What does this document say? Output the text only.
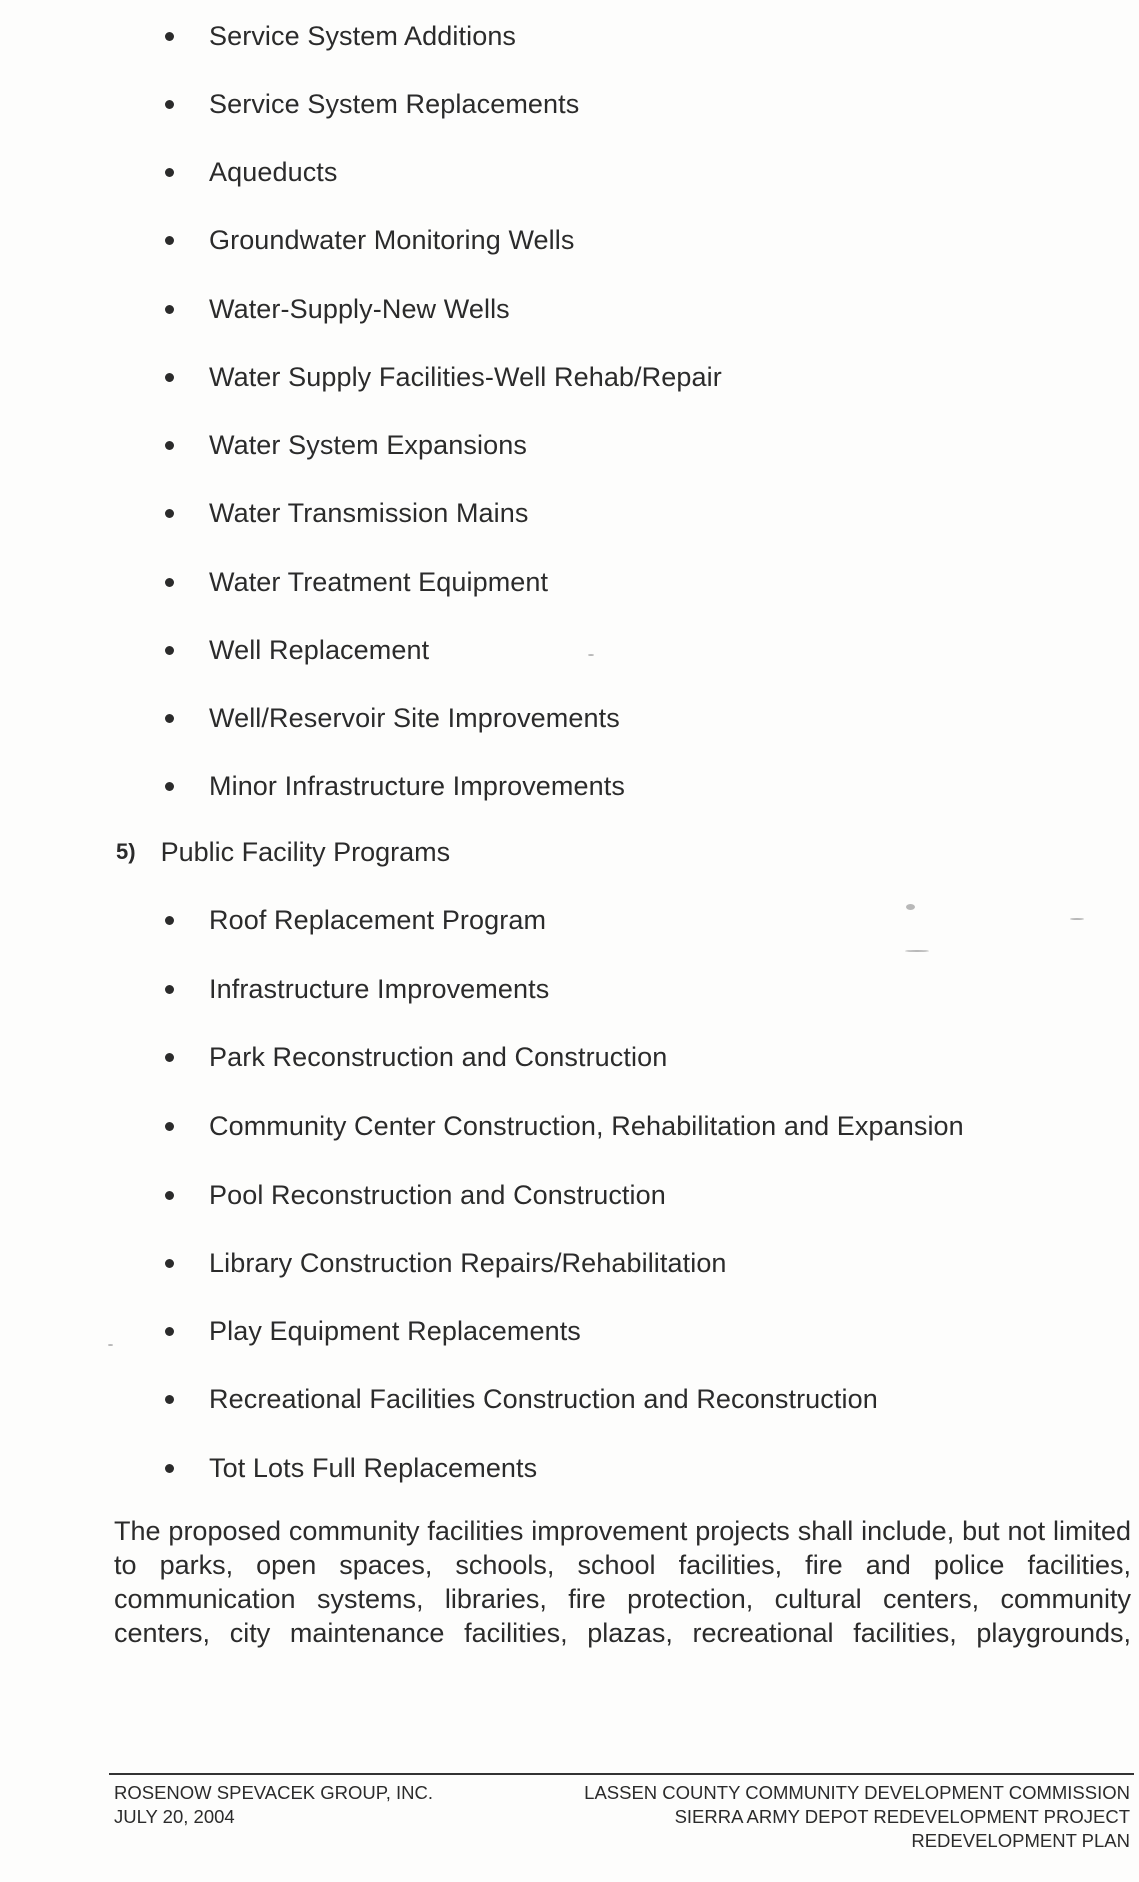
Service System Additions
Service System Replacements
Aqueducts
Groundwater Monitoring Wells
Water-Supply-New Wells
Water Supply Facilities-Well Rehab/Repair
Water System Expansions
Water Transmission Mains
Water Treatment Equipment
Well Replacement
Well/Reservoir Site Improvements
Minor Infrastructure Improvements
5) Public Facility Programs
Roof Replacement Program
Infrastructure Improvements
Park Reconstruction and Construction
Community Center Construction, Rehabilitation and Expansion
Pool Reconstruction and Construction
Library Construction Repairs/Rehabilitation
Play Equipment Replacements
Recreational Facilities Construction and Reconstruction
Tot Lots Full Replacements

The proposed community facilities improvement projects shall include, but not limited to parks, open spaces, schools, school facilities, fire and police facilities, communication systems, libraries, fire protection, cultural centers, community centers, city maintenance facilities, plazas, recreational facilities, playgrounds,

ROSENOW SPEVACEK GROUP, INC.
JULY 20, 2004
LASSEN COUNTY COMMUNITY DEVELOPMENT COMMISSION
SIERRA ARMY DEPOT REDEVELOPMENT PROJECT
REDEVELOPMENT PLAN
